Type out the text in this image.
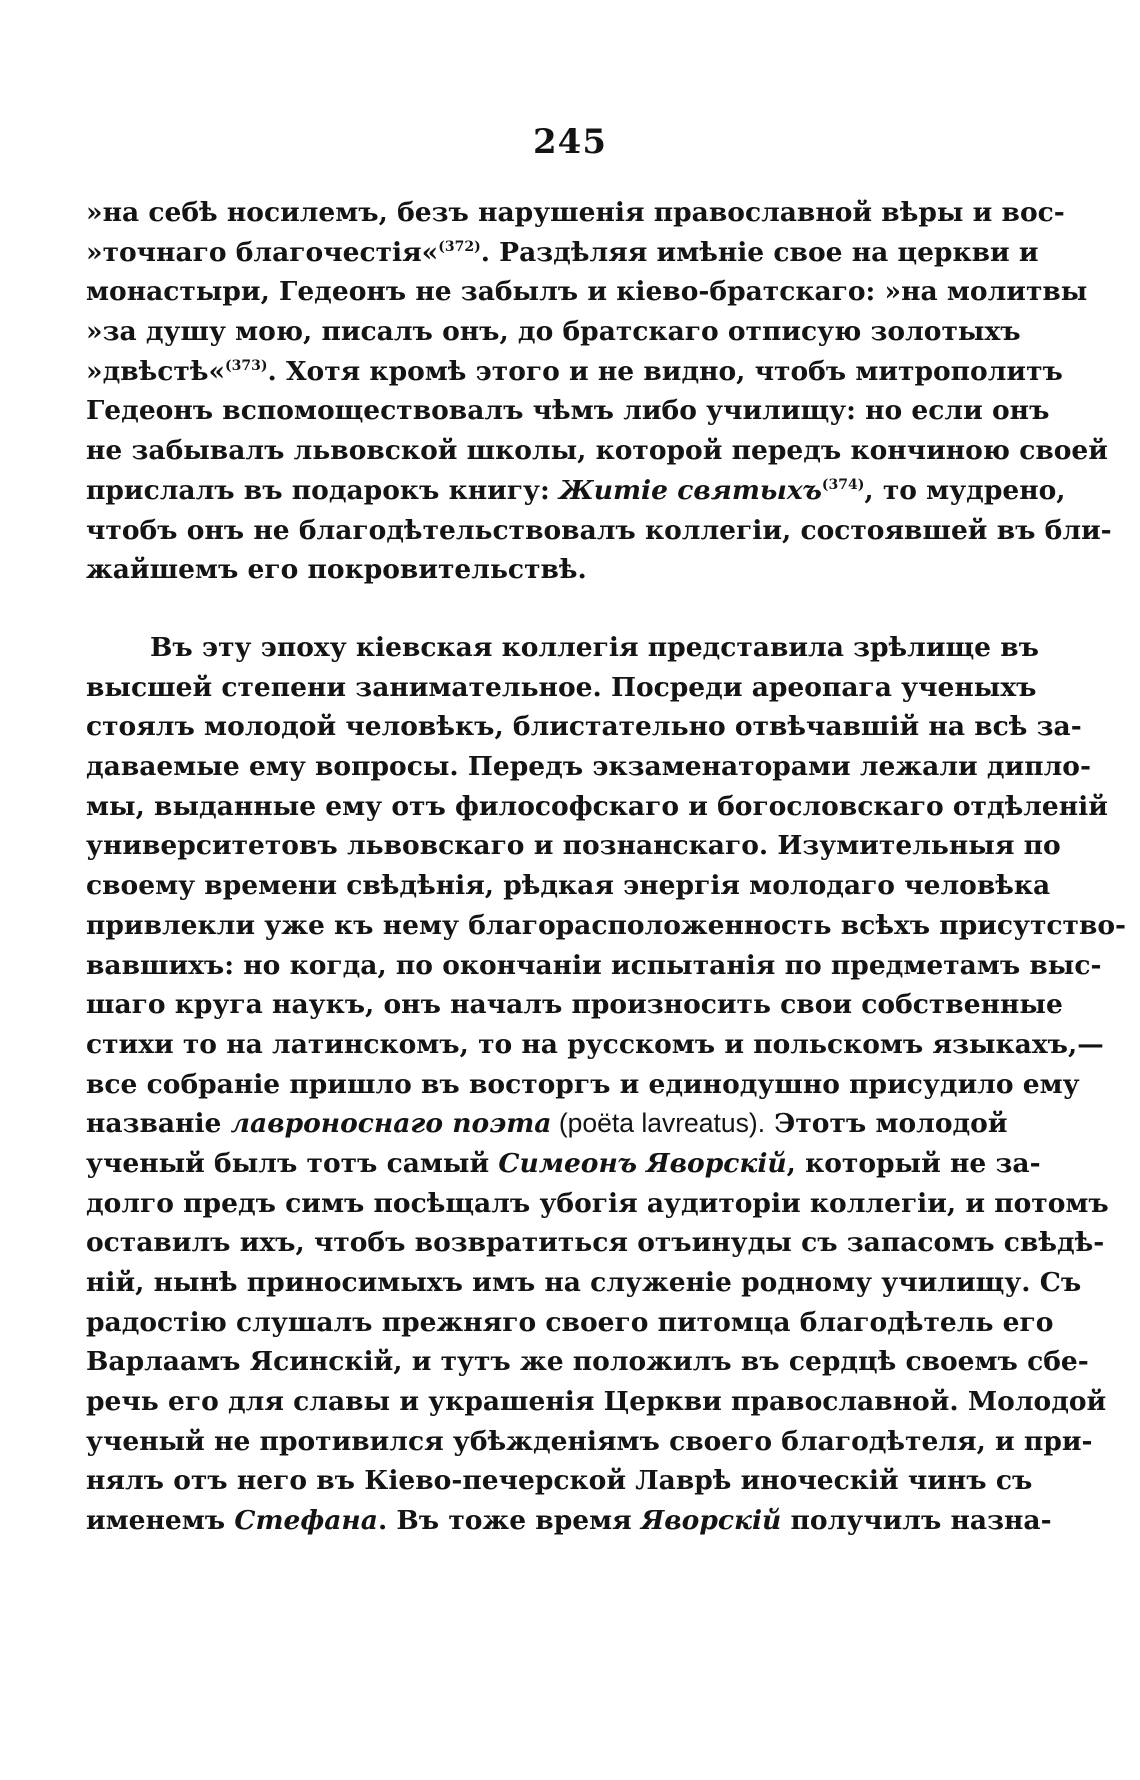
245
»на себѣ носилемъ, безъ нарушенія православной вѣры и вос-
»точнаго благочестія«$^{(372)}$. Раздѣляя имѣніе свое на церкви и
монастыри, Гедеонъ не забылъ и кіево-братскаго: »на молитвы
»за душу мою, писалъ онъ, до братскаго отписую золотыхъ
»двѣстѣ«$^{(373)}$. Хотя кромѣ этого и не видно, чтобъ митрополитъ
Гедеонъ вспомоществовалъ чѣмъ либо училищу: но если онъ
не забывалъ львовской школы, которой передъ кончиною своей
прислалъ въ подарокъ книгу: Житіе святыхъ$^{(374)}$, то мудрено,
чтобъ онъ не благодѣтельствовалъ коллегіи, состоявшей въ бли-
жайшемъ его покровительствѣ.
Въ эту эпоху кіевская коллегія представила зрѣлище въ
высшей степени занимательное. Посреди ареопага ученыхъ
стоялъ молодой человѣкъ, блистательно отвѣчавшій на всѣ за-
даваемые ему вопросы. Передъ экзаменаторами лежали дипло-
мы, выданные ему отъ философскаго и богословскаго отдѣленій
университетовъ львовскаго и познанскаго. Изумительныя по
своему времени свѣдѣнія, рѣдкая энергія молодаго человѣка
привлекли уже къ нему благорасположенность всѣхъ присутство-
вавшихъ: но когда, по окончаніи испытанія по предметамъ выс-
шаго круга наукъ, онъ началъ произносить свои собственные
стихи то на латинскомъ, то на русскомъ и польскомъ языкахъ,—
все собраніе пришло въ восторгъ и единодушно присудило ему
названіе лавроноснаго поэта (poёta lavreatus). Этотъ молодой
ученый былъ тотъ самый Симеонъ Яворскій, который не за-
долго предъ симъ посѣщалъ убогія аудиторіи коллегіи, и потомъ
оставилъ ихъ, чтобъ возвратиться отъинуды съ запасомъ свѣдѣ-
ній, нынѣ приносимыхъ имъ на служеніе родному училищу. Съ
радостію слушалъ прежняго своего питомца благодѣтель его
Варлаамъ Ясинскій, и тутъ же положилъ въ сердцѣ своемъ сбе-
речь его для славы и украшенія Церкви православной. Молодой
ученый не противился убѣжденіямъ своего благодѣтеля, и при-
нялъ отъ него въ Кіево-печерской Лаврѣ иноческій чинъ съ
именемъ Стефана. Въ тоже время Яворскій получилъ назна-
